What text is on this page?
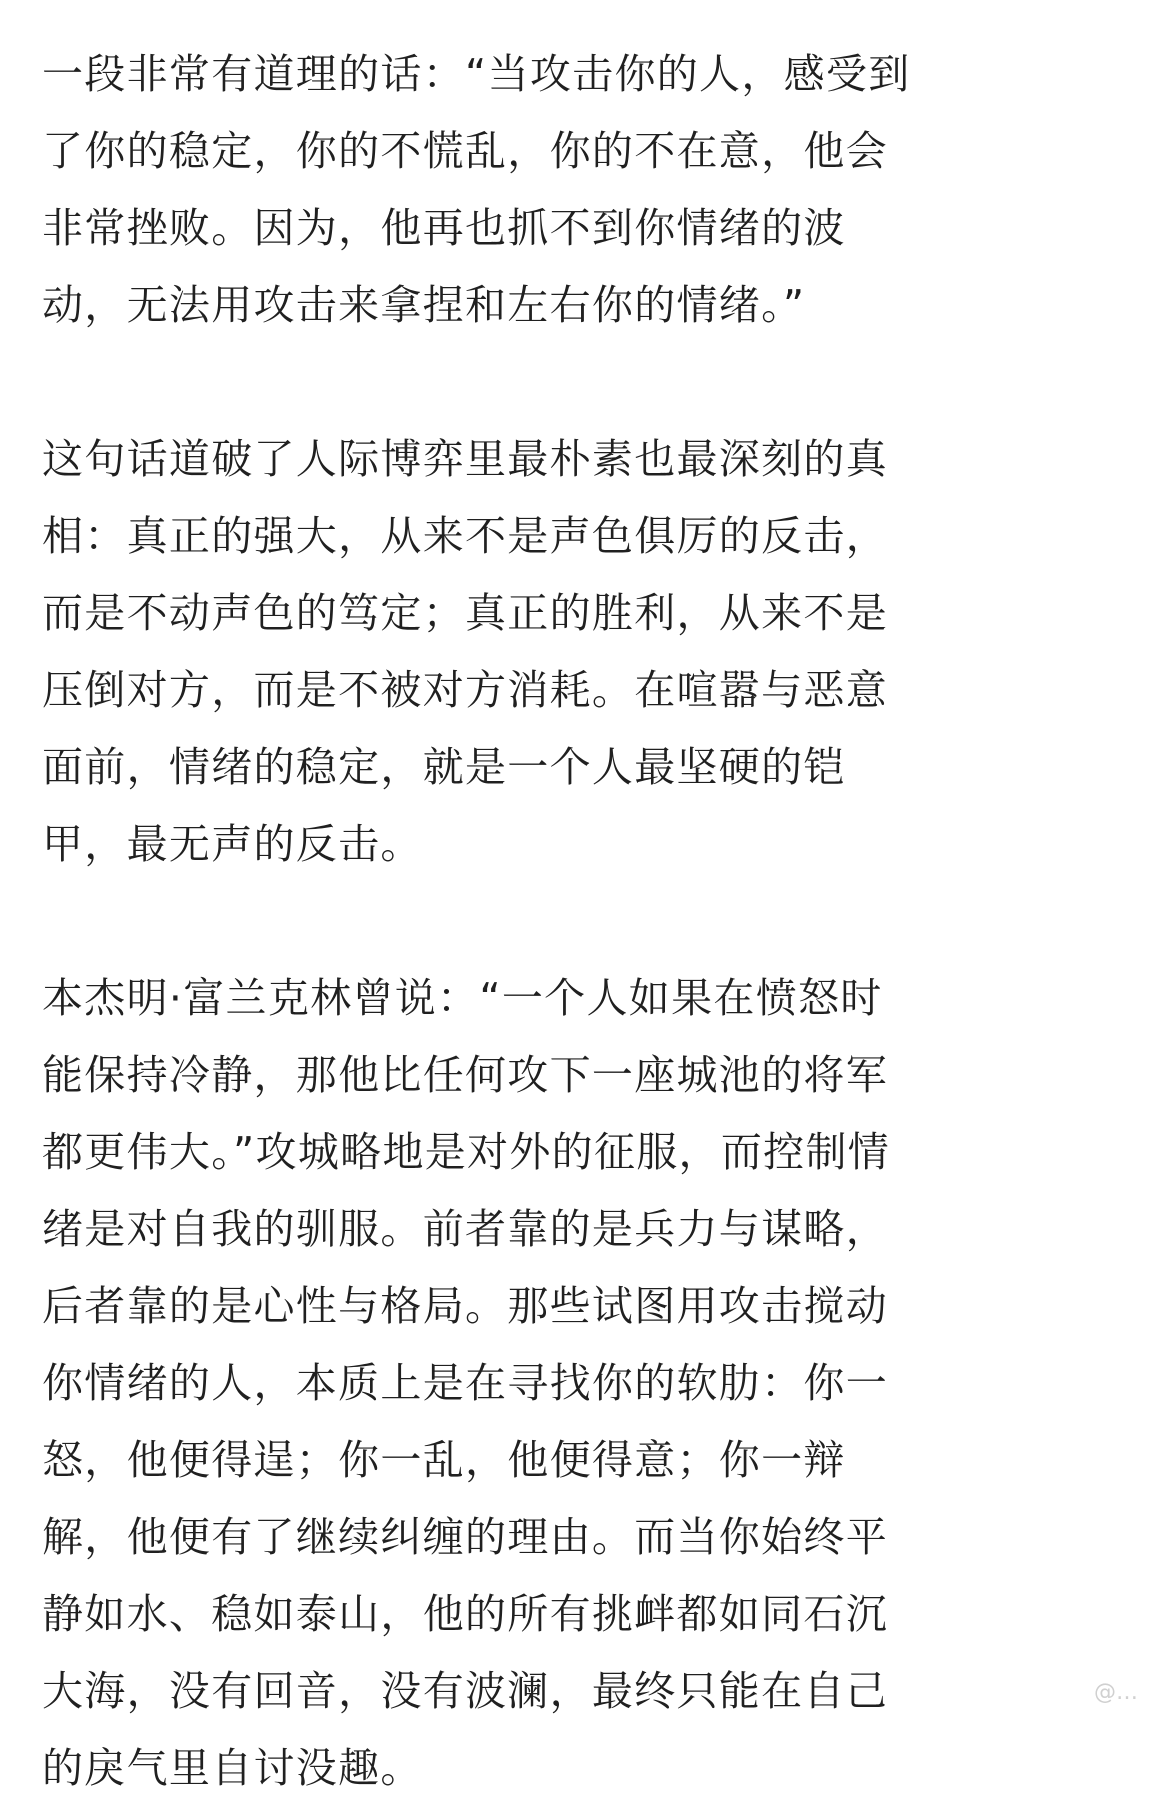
一段非常有道理的话：“当攻击你的人，感受到
了你的稳定，你的不慌乱，你的不在意，他会
非常挫败。因为，他再也抓不到你情绪的波
动，无法用攻击来拿捏和左右你的情绪。”
这句话道破了人际博弈里最朴素也最深刻的真
相：真正的强大，从来不是声色俱厉的反击，
而是不动声色的笃定；真正的胜利，从来不是
压倒对方，而是不被对方消耗。在喧嚣与恶意
面前，情绪的稳定，就是一个人最坚硬的铠
甲，最无声的反击。
本杰明·富兰克林曾说：“一个人如果在愤怒时
能保持冷静，那他比任何攻下一座城池的将军
都更伟大。”攻城略地是对外的征服，而控制情
绪是对自我的驯服。前者靠的是兵力与谋略，
后者靠的是心性与格局。那些试图用攻击搅动
你情绪的人，本质上是在寻找你的软肋：你一
怒，他便得逞；你一乱，他便得意；你一辩
解，他便有了继续纠缠的理由。而当你始终平
静如水、稳如泰山，他的所有挑衅都如同石沉
大海，没有回音，没有波澜，最终只能在自己
的戾气里自讨没趣。
@…
